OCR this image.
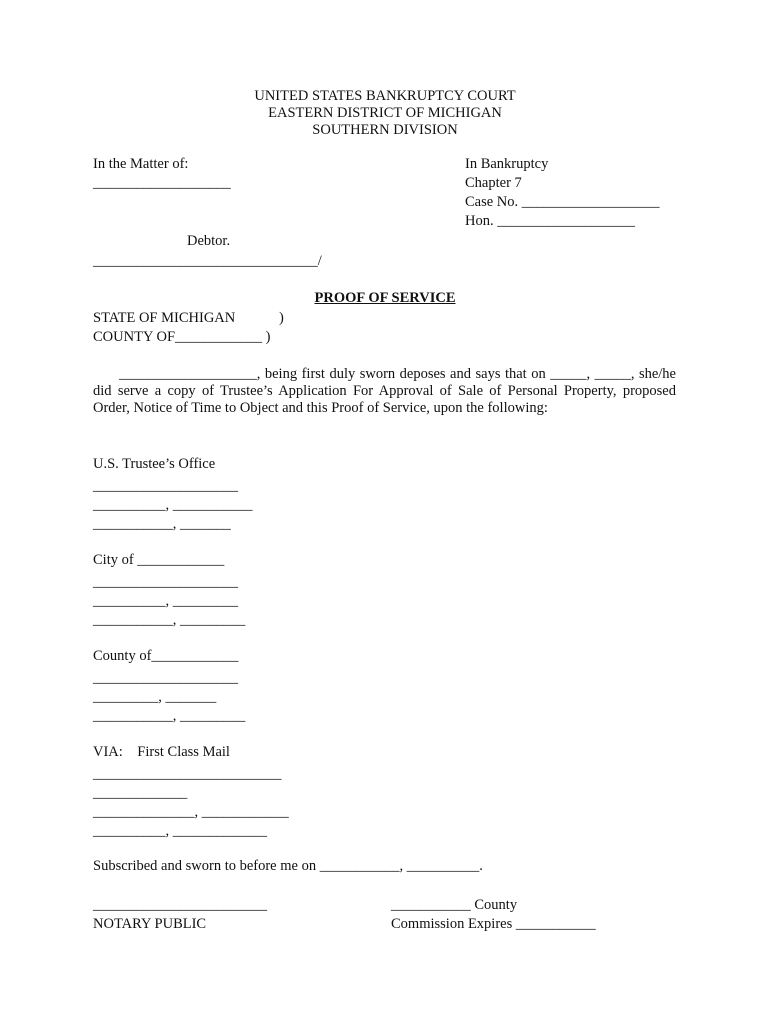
UNITED STATES BANKRUPTCY COURT
EASTERN DISTRICT OF MICHIGAN
SOUTHERN DIVISION
In the Matter of:
___________________
Debtor.
_______________________________/
In Bankruptcy
Chapter 7
Case No. ___________________
Hon. ___________________
PROOF OF SERVICE
STATE OF MICHIGAN	)
COUNTY OF____________ )
___________________, being first duly sworn deposes and says that on _____, _____, she/he did serve a copy of Trustee’s Application For Approval of Sale of Personal Property, proposed Order, Notice of Time to Object and this Proof of Service, upon the following:
U.S. Trustee’s Office
____________________
__________, ___________
___________, _______
City of ____________
____________________
__________, _________
___________, _________
County of____________
____________________
_________, _______
___________, _________
VIA:    First Class Mail
__________________________
_____________
______________, ____________
__________, _____________
Subscribed and sworn to before me on ___________, __________.
________________________
NOTARY PUBLIC
___________ County
Commission Expires ___________
